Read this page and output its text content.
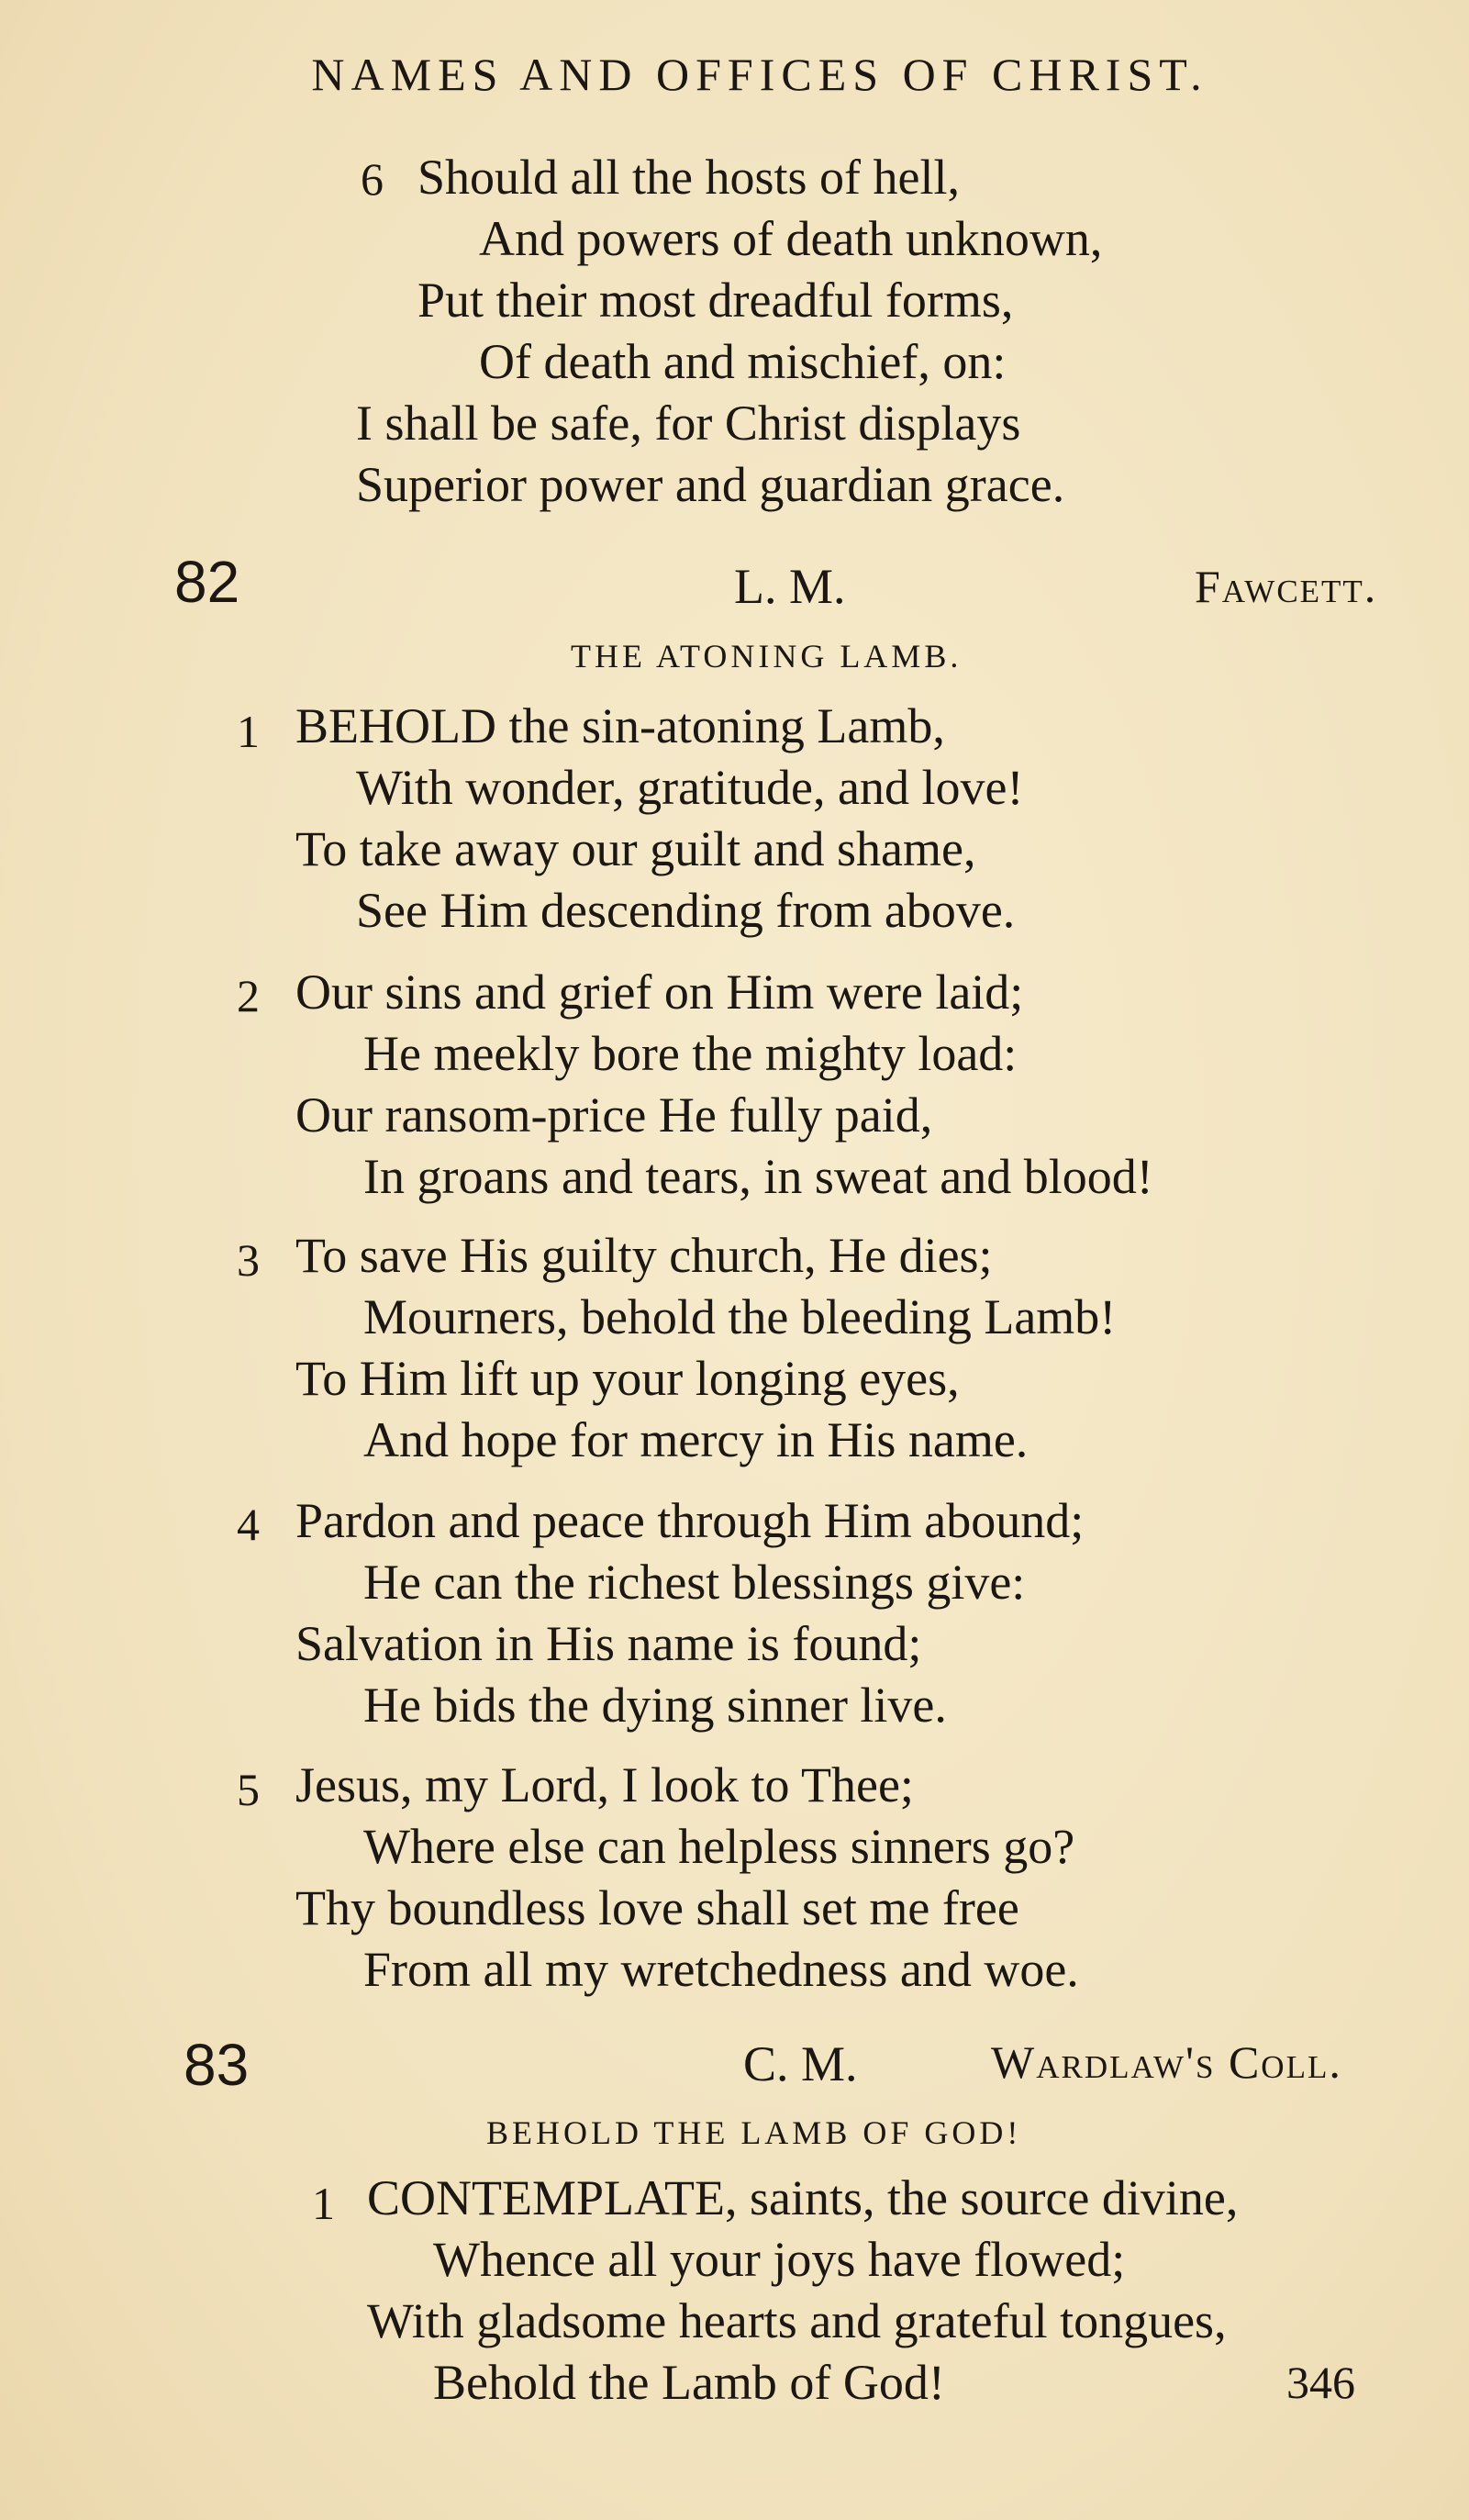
NAMES AND OFFICES OF CHRIST.
6 Should all the hosts of hell,
And powers of death unknown,
Put their most dreadful forms,
Of death and mischief, on:
I shall be safe, for Christ displays
Superior power and guardian grace.
82	L. M.	Fawcett.
THE ATONING LAMB.
1 BEHOLD the sin-atoning Lamb,
With wonder, gratitude, and love!
To take away our guilt and shame,
See Him descending from above.
2 Our sins and grief on Him were laid;
He meekly bore the mighty load:
Our ransom-price He fully paid,
In groans and tears, in sweat and blood!
3 To save His guilty church, He dies;
Mourners, behold the bleeding Lamb!
To Him lift up your longing eyes,
And hope for mercy in His name.
4 Pardon and peace through Him abound;
He can the richest blessings give:
Salvation in His name is found;
He bids the dying sinner live.
5 Jesus, my Lord, I look to Thee;
Where else can helpless sinners go?
Thy boundless love shall set me free
From all my wretchedness and woe.
83	C. M.	Wardlaw's Coll.
BEHOLD THE LAMB OF GOD!
1 CONTEMPLATE, saints, the source divine,
Whence all your joys have flowed;
With gladsome hearts and grateful tongues,
Behold the Lamb of God!	346
